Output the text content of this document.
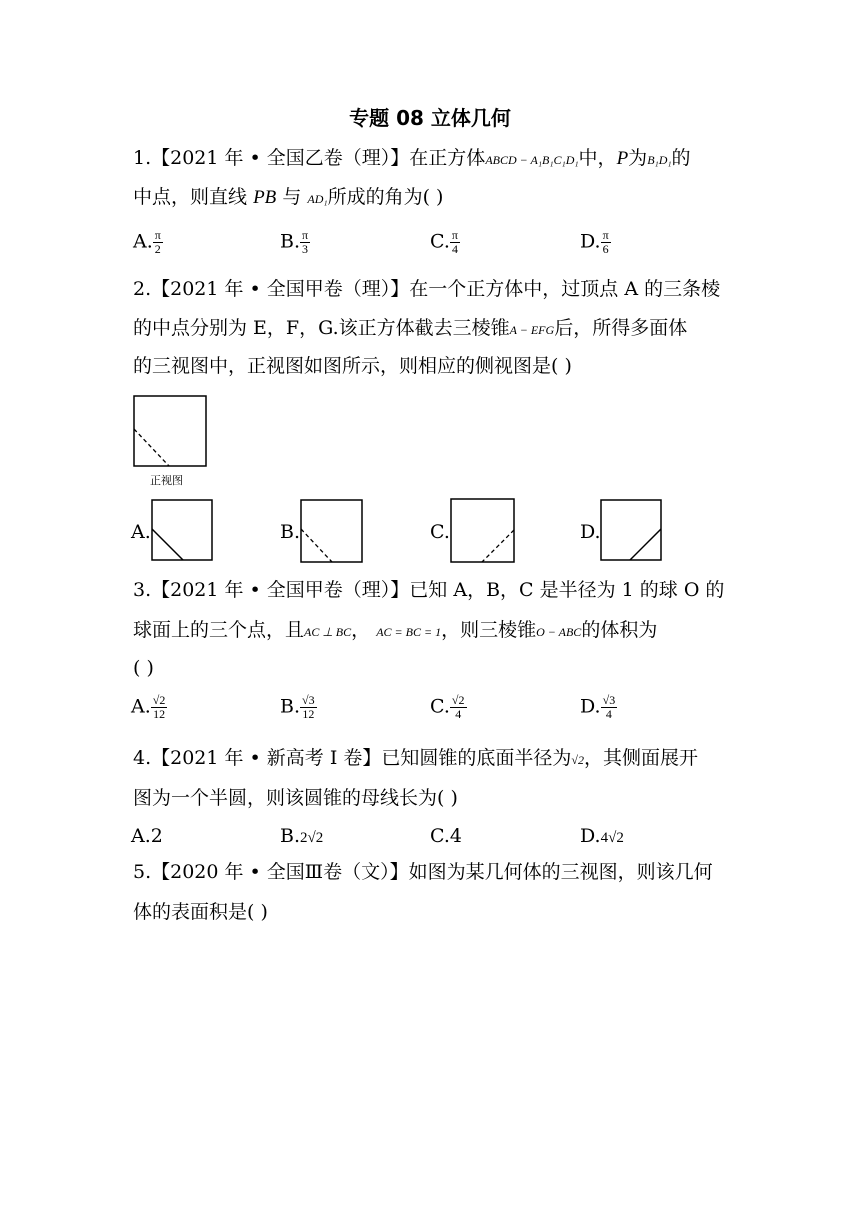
专题 08 立体几何
1.【2021 年 • 全国乙卷（理）】在正方体ABCD − A₁B₁C₁D₁中，P为B₁D₁的
中点，则直线 PB 与 AD₁所成的角为( )
A. $\frac{\pi}{2}$	B. $\frac{\pi}{3}$	C. $\frac{\pi}{4}$	D. $\frac{\pi}{6}$
2.【2021 年 • 全国甲卷（理）】在一个正方体中，过顶点 A 的三条棱
的中点分别为 E，F，G.该正方体截去三棱锥A − EFG后，所得多面体
的三视图中，正视图如图所示，则相应的侧视图是( )
正视图
A.	B.	C.	D.
3.【2021 年 • 全国甲卷（理）】已知 A，B，C 是半径为 1 的球 O 的
球面上的三个点，且AC ⊥ BC， AC = BC = 1，则三棱锥O − ABC的体积为
( )
A. $\frac{√2}{12}$	B. $\frac{√3}{12}$	C. $\frac{√2}{4}$	D. $\frac{√3}{4}$
4.【2021 年 • 新高考 I 卷】已知圆锥的底面半径为√2，其侧面展开
图为一个半圆，则该圆锥的母线长为( )
A.2	B.2√2	C.4	D.4√2
5.【2020 年 • 全国Ⅲ卷（文）】如图为某几何体的三视图，则该几何
体的表面积是( )
